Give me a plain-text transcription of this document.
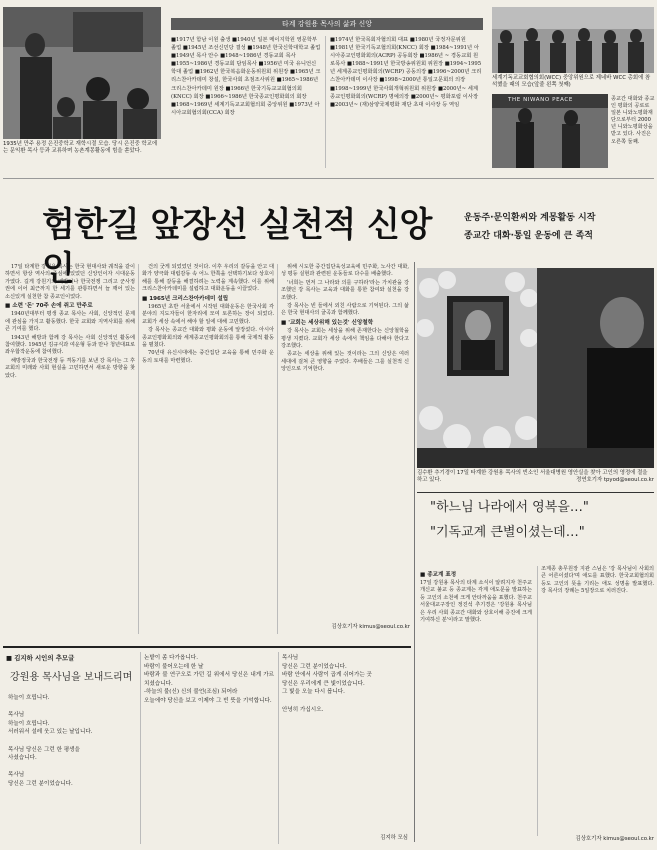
1935년 만주 용정 은진중학교 재학시절 모습. 당시 은진중 학교에는 문익환 목사 등과 교류하며 농촌계몽활동에 힘을 쏟았다.
타계 강원용 목사의 삶과 신앙
■1917년 함남 이원 출생 ■1940년 일본 메이지학원 영문학부 졸업 ■1945년 조선신민당 결성 ■1948년 한국신학대학교 졸업 ■1949년 목사 안수 ■1948~1986년 경동교회 목사 ■1955~1986년 경동교회 담임목사 ■1956년 미국 유니언신학대 졸업 ■1962년 한국복음화운동위원회 위원장 ■1965년 크리스찬아카데미 창설, 한국사회 초점조사위원 ■1965~1986년 크리스찬아카데미 원장 ■1966년 한국기독교교회협의회(KNCC) 회장 ■1966~1986년 한국종교인평화회의 회장 ■1968~1969년 세계기독교교회협의회 중앙위원 ■1973년 아시아교회협의회(CCA) 회장
■1974년 한국목회자협의회 대표 ■1980년 국정자문위원 ■1981년 한국기독교협의회(KNCC) 회장 ■1984~1991년 아시아종교인평화회의(ACRP) 공동회장 ■1986년 ~ 경동교회 원로목사 ■1988~1991년 한국방송위원회 위원장 ■1994~1995년 세계종교인평화회의(WCRP) 공동의장 ■1996~2000년 크리스찬아카데미 이사장 ■1998~2000년 통일고문회의 의장 ■1998~1999년 한국사회개혁위원회 위원장 ■2000년~ 세계종교인평화회의(WCRP) 명예의장 ■2000년~ 평화포럼 이사장 ■2003년~ (재)삼양국제평화 재단 초대 이사장 등 역임
세계기독교교회협의회(WCC) 중앙위원으로 제네바 WCC 총회에 참석했을 때의 모습(앞줄 왼쪽 첫째)
THE NIWANO PEACE	종교간 대화와 종교인 평화의 공로로 일본 니와노평화재단으로부터 2000년 니와노평화상을 받고 있다. 사진은 오른쪽 둘째.
험한길 앞장선 실천적 신앙인
운동주·문익환씨와 계몽활동 시작
종교간 대화·통일 운동에 큰 족적

17일 타계한 강원용 목사는 한국 현대사와 궤적을 같이하면서 항상 역사의 중심에 있었던 신앙인이자 시대운동가였다. 길게 강원기의 배반이나 한국전쟁 그리고 군사정권에 이어 최근까지 한 세기를 관통하면서 늘 깨어 있는 소신있게 실천한 참 종교인이었다.

■ 소련 '돈' 70주 손에 쥐고 만주로

1940년대부터 평생 종교 목사는 사회, 신앙적인 문제에 관심을 가지고 활동했다. 한국 교회와 지역사회를 위해 큰 기여를 했다.

1943년 해방과 함께 강 목사는 사회 신앙적인 활동에 참여했다. 1945년 김규식과 여운형 등과 만나 청년대표로 좌우합작운동에 참여했다.

해방정국과 한국전쟁 등 격동기를 보낸 강 목사는 그 후 교회의 미래와 사회 현실을 고민하면서 새로운 방향을 찾았다.

건의 굿게 되었었던 것이다. 이후 우리의 갈등을 안고 대화가 양극화 대립감동 속 어느 한쪽을 선택하기보다 상호이해를 통해 갈등을 해결하려는 노력을 계속했다. 이를 위해 크리스찬아카데미를 설립하고 대화운동을 이끌었다.

■ 1965년 크리스찬아카데미 설립

1965년 초반 서울에서 시작된 대화운동은 한국사회 각 분야의 지도자들이 한자리에 모여 토론하는 장이 되었다. 교회가 세상 속에서 해야 할 일에 대해 고민했다.

강 목사는 종교간 대화와 평화 운동에 앞장섰다. 아시아종교인평화회의와 세계종교인평화회의를 통해 국제적 활동을 펼쳤다.

70년대 유신시대에는 중간집단 교육을 통해 민주화 운동의 토대를 마련했다.

위해 시도한 중간집단육성교육에 민주화, 노사간 대화, 성 평등 실현과 관련된 운동들로 다수를 배출했다.

'너희는 먼저 그 나라와 의를 구하라'라는 가치관을 강조했던 강 목사는 교육과 대화를 통한 참여와 실천을 강조했다.

강 목사는 빈 들에서 외친 사람으로 기억된다. 그의 삶은 한국 현대사의 굴곡과 함께했다.

■ '교회는 세상위해 있는것' 신앙철학

강 목사는 교회는 세상을 위해 존재한다는 신앙철학을 평생 지켰다. 교회가 세상 속에서 책임을 다해야 한다고 강조했다.

종교는 세상을 위해 있는 것이라는 그의 신앙은 여러 세대에 걸쳐 큰 영향을 주었다. 후배들은 그를 실천적 신앙인으로 기억한다.

김상호기자 kimus@seoul.co.kr
김수환 추기경이 17일 타계한 강원용 목사의 빈소인 서울대병원 영안실을 찾아 고인의 영정에 절을 하고 있다.	정연호기자 tpyod@seoul.co.kr
"하느님 나라에서 영복을…"
"기독교계 큰별이셨는데…"
■ 종교계 표정
17일 강원용 목사의 타계 소식이 알려지자 천주교 개신교 불교 등 종교계는 각계 애도문을 발표하는 등 고인의 소천에 크게 안타까움을 표했다. 천주교 서울대교구장인 정진석 추기경은 '강원용 목사님은 우리 사회 종교간 대화와 상호이해 증진에 크게 기여하신 분'이라고 말했다.
조계종 총무원장 지관 스님은 '강 목사님이 사회의 큰 어른이셨다'며 애도를 표했다. 한국교회협의회 등도 고인의 뜻을 기리는 애도 성명을 발표했다. 강 목사의 장례는 5일장으로 치러진다.
김상호기자 kimus@seoul.co.kr
■ 김지하 시인의 추모글
강원용 목사님을 보내드리며
하늘이 흐립니다.

목사님
하늘이 흐립니다.
서러워서 설레 웃고 있는 날입니다.

목사님 당신은 그런 한 평생을
사셨습니다.

목사님
당신은 그런 분이었습니다.
논밭이 좀 다가옵니다.
바람이 불어오는데 한 날
바람과 불 연구오로 가던 길 위에서 당신은 내게 가르치셨습니다.
-하늘의 불(신) 신의 불언(조심) 되어라
오늘에야 당신을 보고 이제야 그 빈 뜻을 기억합니다.
목사님
당신은 그런 분이었습니다.
바람 안에서 사람이 곱게 쉬어가는 곳
당신은 우리에게 큰 빛이었습니다.
그 빛을 오늘 다시 봅니다.

안녕히 가십시오.
김지하 모심
